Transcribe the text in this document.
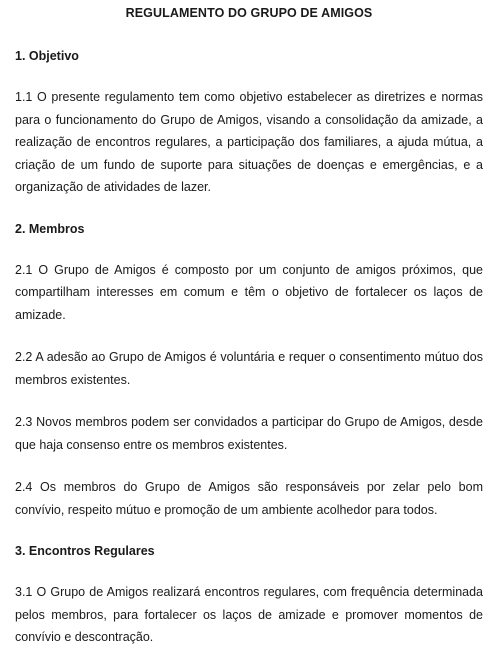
REGULAMENTO DO GRUPO DE AMIGOS
1. Objetivo

1.1 O presente regulamento tem como objetivo estabelecer as diretrizes e normas para o funcionamento do Grupo de Amigos, visando a consolidação da amizade, a realização de encontros regulares, a participação dos familiares, a ajuda mútua, a criação de um fundo de suporte para situações de doenças e emergências, e a organização de atividades de lazer.

2. Membros

2.1 O Grupo de Amigos é composto por um conjunto de amigos próximos, que compartilham interesses em comum e têm o objetivo de fortalecer os laços de amizade.

2.2 A adesão ao Grupo de Amigos é voluntária e requer o consentimento mútuo dos membros existentes.

2.3 Novos membros podem ser convidados a participar do Grupo de Amigos, desde que haja consenso entre os membros existentes.

2.4 Os membros do Grupo de Amigos são responsáveis por zelar pelo bom convívio, respeito mútuo e promoção de um ambiente acolhedor para todos.

3. Encontros Regulares

3.1 O Grupo de Amigos realizará encontros regulares, com frequência determinada pelos membros, para fortalecer os laços de amizade e promover momentos de convívio e descontração.
